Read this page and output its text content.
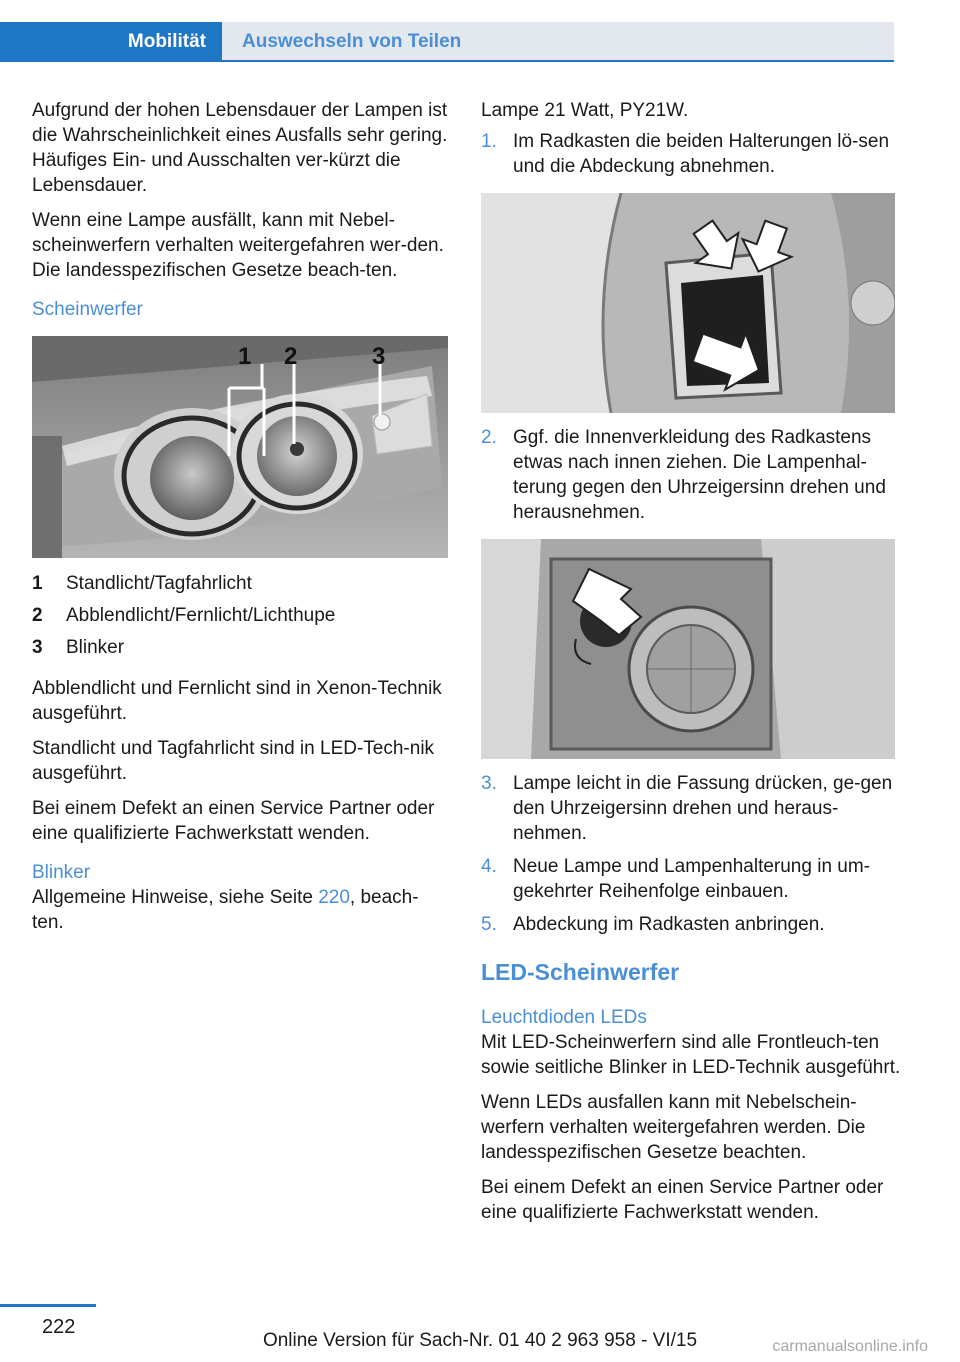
Mobilität	Auswechseln von Teilen

Aufgrund der hohen Lebensdauer der Lampen ist die Wahrscheinlichkeit eines Ausfalls sehr gering. Häufiges Ein- und Ausschalten ver-kürzt die Lebensdauer.

Wenn eine Lampe ausfällt, kann mit Nebel-scheinwerfern verhalten weitergefahren wer-den. Die landesspezifischen Gesetze beach-ten.

Scheinwerfer

1 2	3
1	Standlicht/Tagfahrlicht
2	Abblendlicht/Fernlicht/Lichthupe
3	Blinker

Abblendlicht und Fernlicht sind in Xenon-Technik ausgeführt.

Standlicht und Tagfahrlicht sind in LED-Tech-nik ausgeführt.

Bei einem Defekt an einen Service Partner oder eine qualifizierte Fachwerkstatt wenden.

Blinker

Allgemeine Hinweise, siehe Seite 220, beach-ten.

Lampe 21 Watt, PY21W.

1. Im Radkasten die beiden Halterungen lö-sen und die Abdeckung abnehmen.
2. Ggf. die Innenverkleidung des Radkastens etwas nach innen ziehen. Die Lampenhal-terung gegen den Uhrzeigersinn drehen und herausnehmen.
3. Lampe leicht in die Fassung drücken, ge-gen den Uhrzeigersinn drehen und heraus-nehmen.
4. Neue Lampe und Lampenhalterung in um-gekehrter Reihenfolge einbauen.
5. Abdeckung im Radkasten anbringen.

LED-Scheinwerfer

Leuchtdioden LEDs

Mit LED-Scheinwerfern sind alle Frontleuch-ten sowie seitliche Blinker in LED-Technik ausgeführt.

Wenn LEDs ausfallen kann mit Nebelschein-werfern verhalten weitergefahren werden. Die landesspezifischen Gesetze beachten.

Bei einem Defekt an einen Service Partner oder eine qualifizierte Fachwerkstatt wenden.

222
Online Version für Sach-Nr. 01 40 2 963 958 - VI/15	carmanualsonline.info
